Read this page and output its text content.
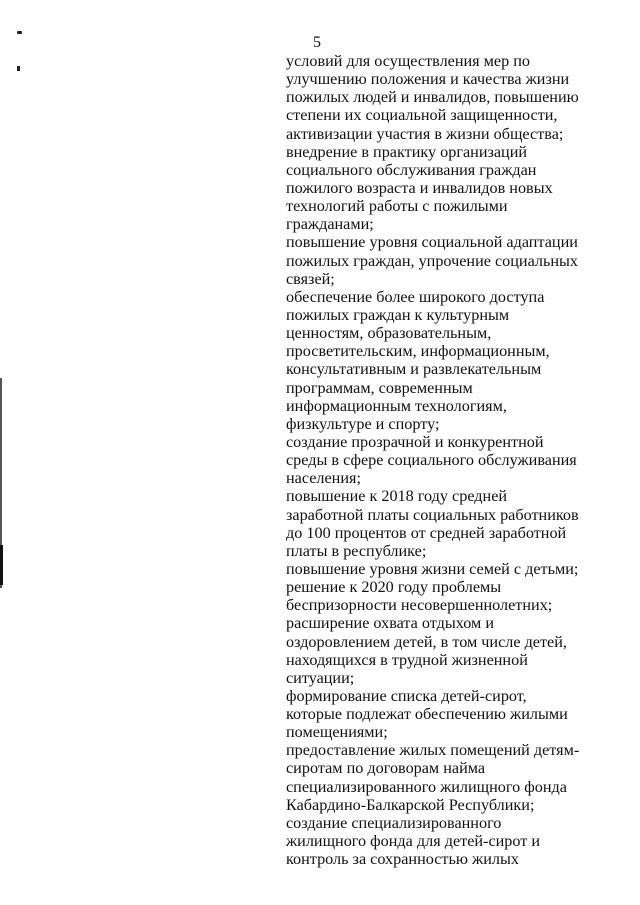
5
условий для осуществления мер по
улучшению положения и качества жизни
пожилых людей и инвалидов, повышению
степени их социальной защищенности,
активизации участия в жизни общества;
внедрение в практику организаций
социального обслуживания граждан
пожилого возраста и инвалидов новых
технологий работы с пожилыми
гражданами;
повышение уровня социальной адаптации
пожилых граждан, упрочение социальных
связей;
обеспечение более широкого доступа
пожилых граждан к культурным
ценностям, образовательным,
просветительским, информационным,
консультативным и развлекательным
программам, современным
информационным технологиям,
физкультуре и спорту;
создание прозрачной и конкурентной
среды в сфере социального обслуживания
населения;
повышение к 2018 году средней
заработной платы социальных работников
до 100 процентов от средней заработной
платы в республике;
повышение уровня жизни семей с детьми;
решение к 2020 году проблемы
беспризорности несовершеннолетних;
расширение охвата отдыхом и
оздоровлением детей, в том числе детей,
находящихся в трудной жизненной
ситуации;
формирование списка детей-сирот,
которые подлежат обеспечению жилыми
помещениями;
предоставление жилых помещений детям-
сиротам по договорам найма
специализированного жилищного фонда
Кабардино-Балкарской Республики;
создание специализированного
жилищного фонда для детей-сирот и
контроль за сохранностью жилых
